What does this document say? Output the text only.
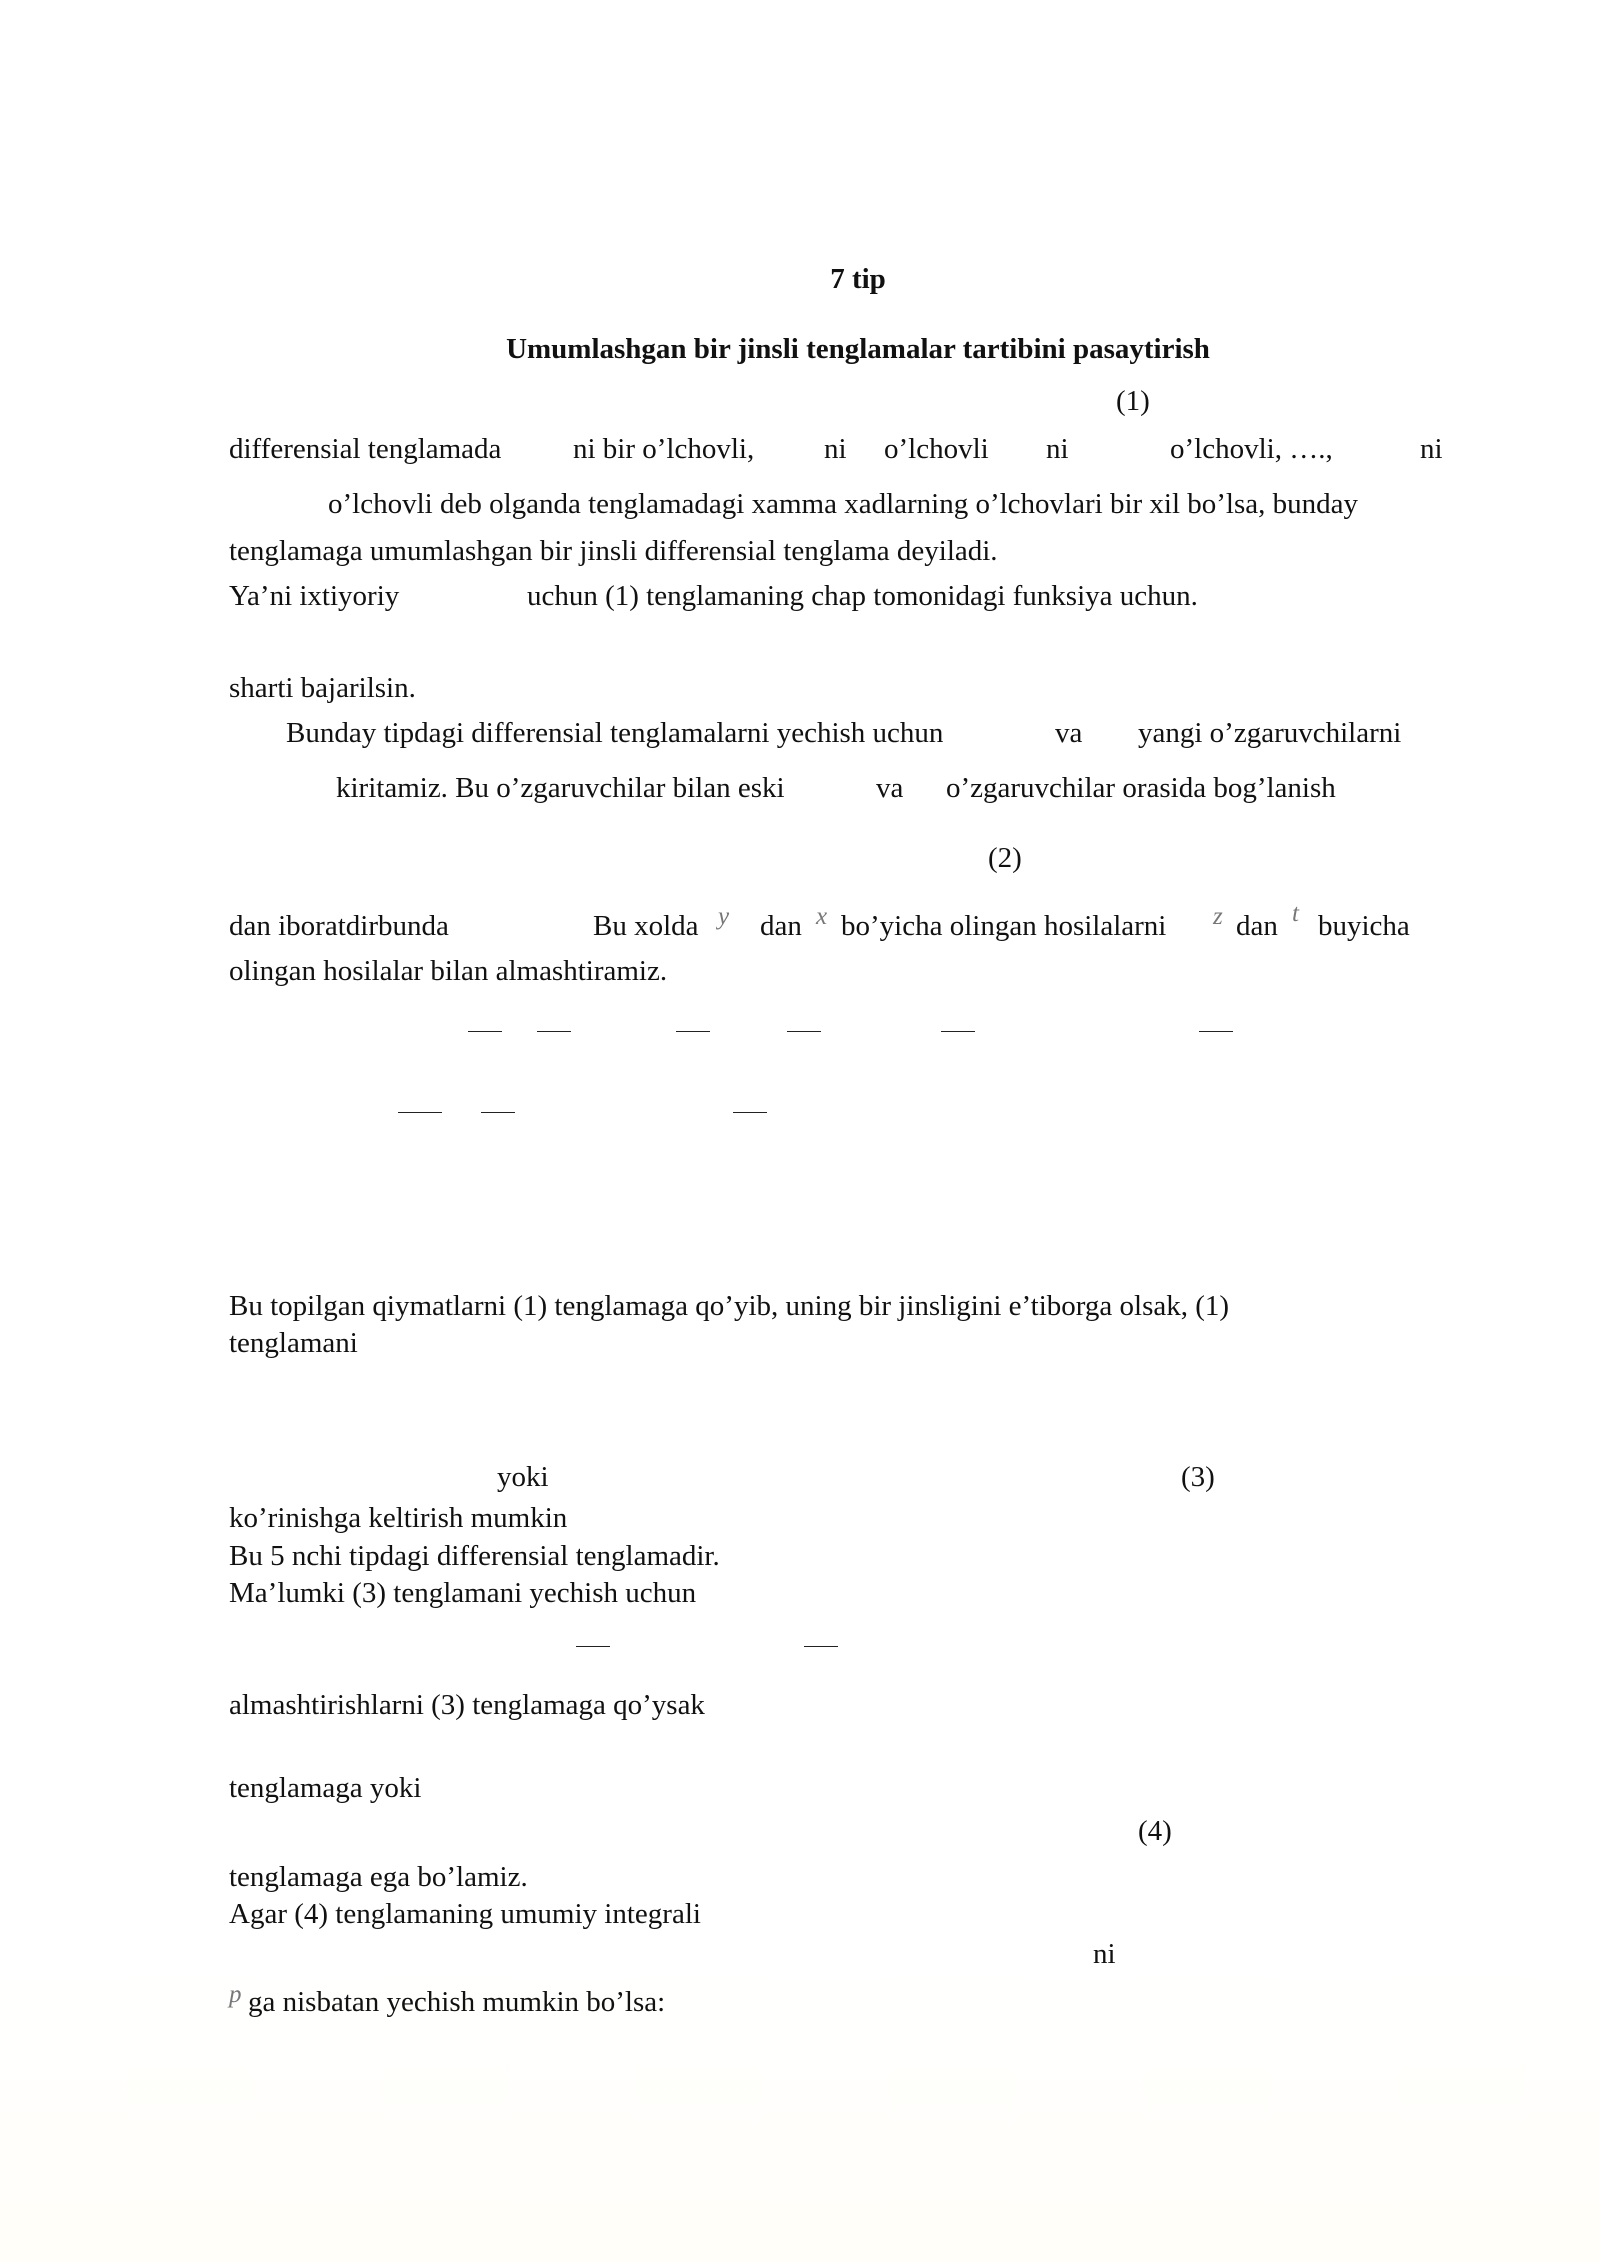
7 tip
Umumlashgan bir jinsli tenglamalar tartibini pasaytirish
(1)
differensial tenglamada ni bir o’lchovli, ni o’lchovli ni	o’lchovli, ….,	ni
o’lchovli deb olganda tenglamadagi xamma xadlarning o’lchovlari bir xil bo’lsa, bunday
tenglamaga umumlashgan bir jinsli differensial tenglama deyiladi.
Ya’ni ixtiyoriy	uchun (1) tenglamaning chap tomonidagi funksiya uchun.
sharti bajarilsin.
Bunday tipdagi differensial tenglamalarni yechish uchun	va yangi o’zgaruvchilarni
kiritamiz. Bu o’zgaruvchilar bilan eski	va o’zgaruvchilar orasida bog’lanish
(2)
dan iboratdirbunda	Bu xolda y dan x bo’yicha olingan hosilalarni z dan t buyicha
olingan hosilalar bilan almashtiramiz.
Bu topilgan qiymatlarni (1) tenglamaga qo’yib, uning bir jinsligini e’tiborga olsak, (1)
tenglamani
yoki	(3)
ko’rinishga keltirish mumkin
Bu 5 nchi tipdagi differensial tenglamadir.
Ma’lumki (3) tenglamani yechish uchun
almashtirishlarni (3) tenglamaga qo’ysak
tenglamaga yoki
(4)
tenglamaga ega bo’lamiz.
Agar (4) tenglamaning umumiy integrali
ni
p ga nisbatan yechish mumkin bo’lsa:
